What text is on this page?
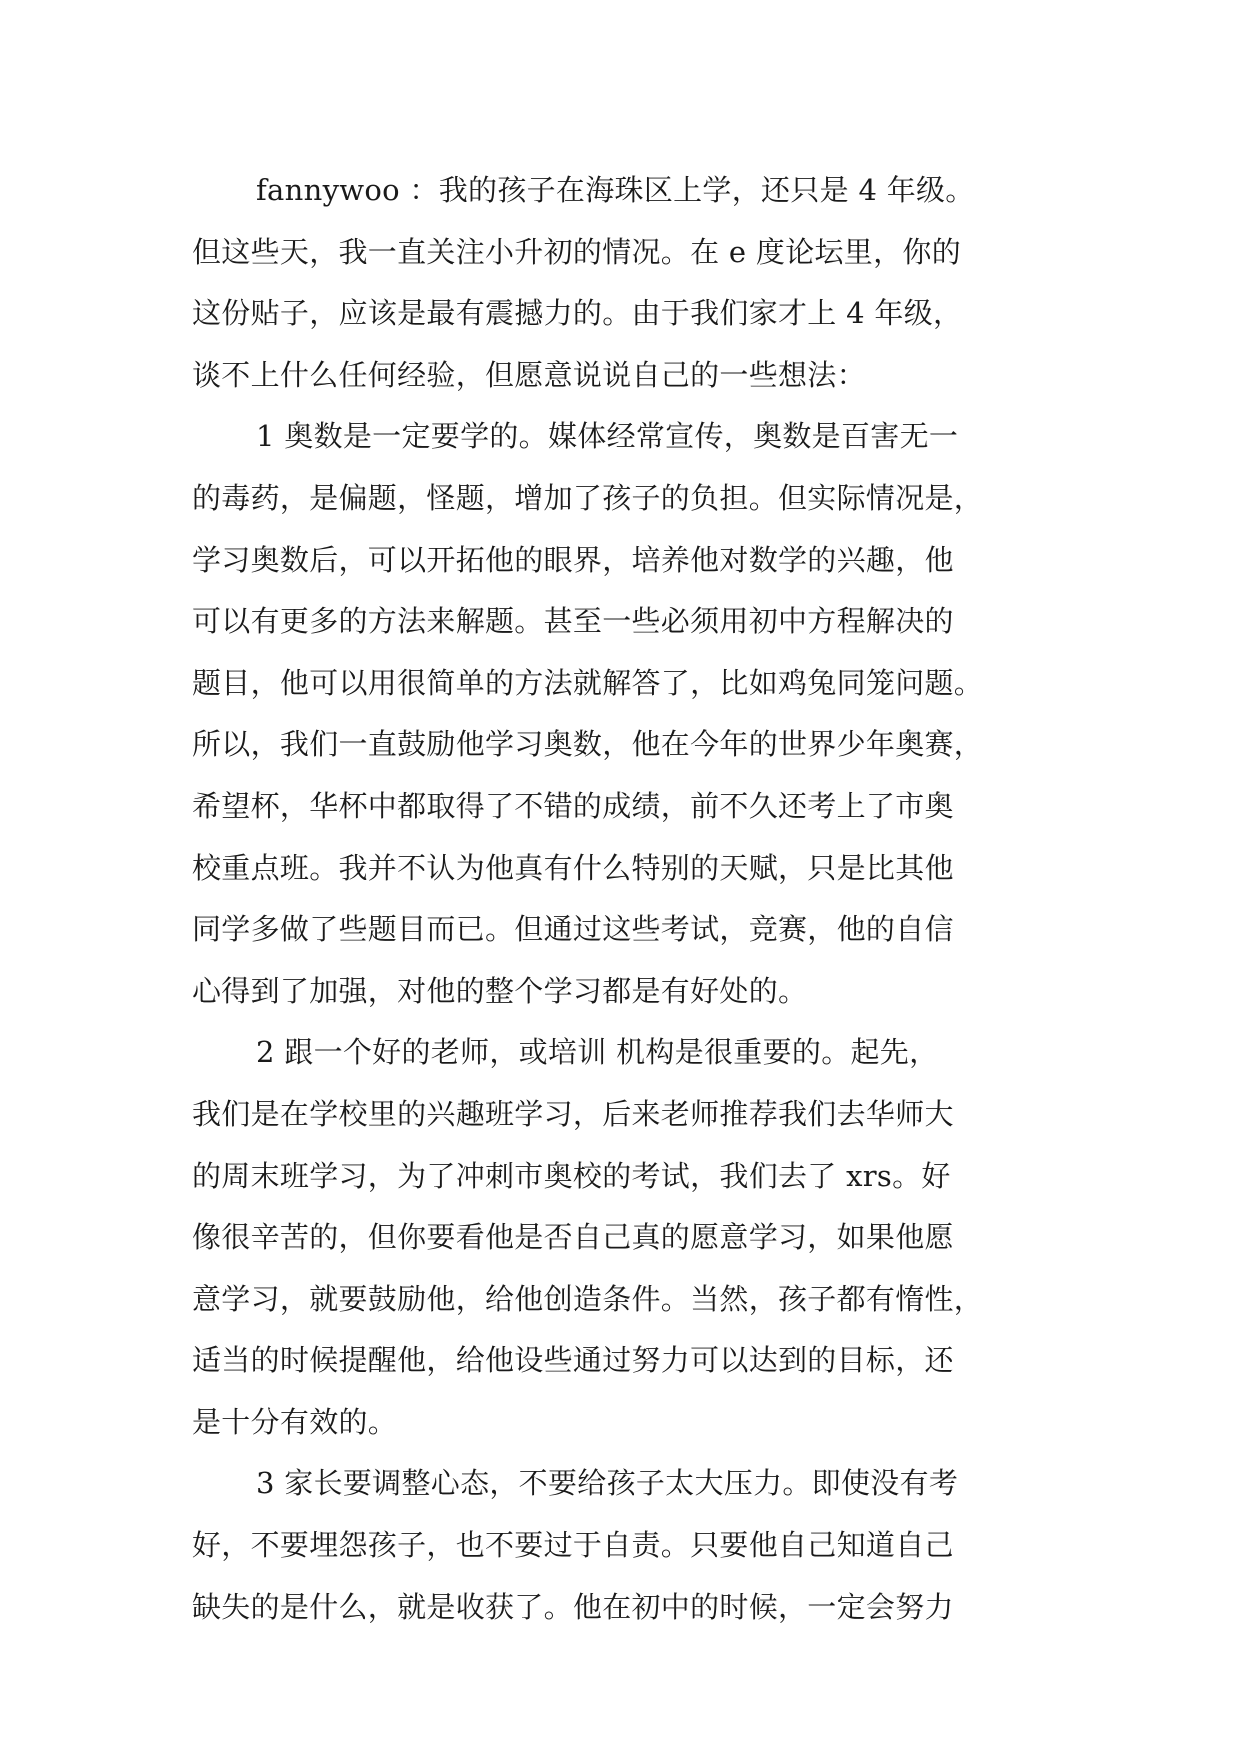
fannywoo ：我的孩子在海珠区上学，还只是 4 年级。
但这些天，我一直关注小升初的情况。在 e 度论坛里，你的
这份贴子，应该是最有震撼力的。由于我们家才上 4 年级，
谈不上什么任何经验，但愿意说说自己的一些想法：
1 奥数是一定要学的。媒体经常宣传，奥数是百害无一
的毒药，是偏题，怪题，增加了孩子的负担。但实际情况是，
学习奥数后，可以开拓他的眼界，培养他对数学的兴趣，他
可以有更多的方法来解题。甚至一些必须用初中方程解决的
题目，他可以用很简单的方法就解答了，比如鸡兔同笼问题。
所以，我们一直鼓励他学习奥数，他在今年的世界少年奥赛，
希望杯，华杯中都取得了不错的成绩，前不久还考上了市奥
校重点班。我并不认为他真有什么特别的天赋，只是比其他
同学多做了些题目而已。但通过这些考试，竞赛，他的自信
心得到了加强，对他的整个学习都是有好处的。
2 跟一个好的老师，或培训 机构是很重要的。起先，
我们是在学校里的兴趣班学习，后来老师推荐我们去华师大
的周末班学习，为了冲刺市奥校的考试，我们去了 xrs。好
像很辛苦的，但你要看他是否自己真的愿意学习，如果他愿
意学习，就要鼓励他，给他创造条件。当然，孩子都有惰性，
适当的时候提醒他，给他设些通过努力可以达到的目标，还
是十分有效的。
3 家长要调整心态，不要给孩子太大压力。即使没有考
好，不要埋怨孩子，也不要过于自责。只要他自己知道自己
缺失的是什么，就是收获了。他在初中的时候，一定会努力
